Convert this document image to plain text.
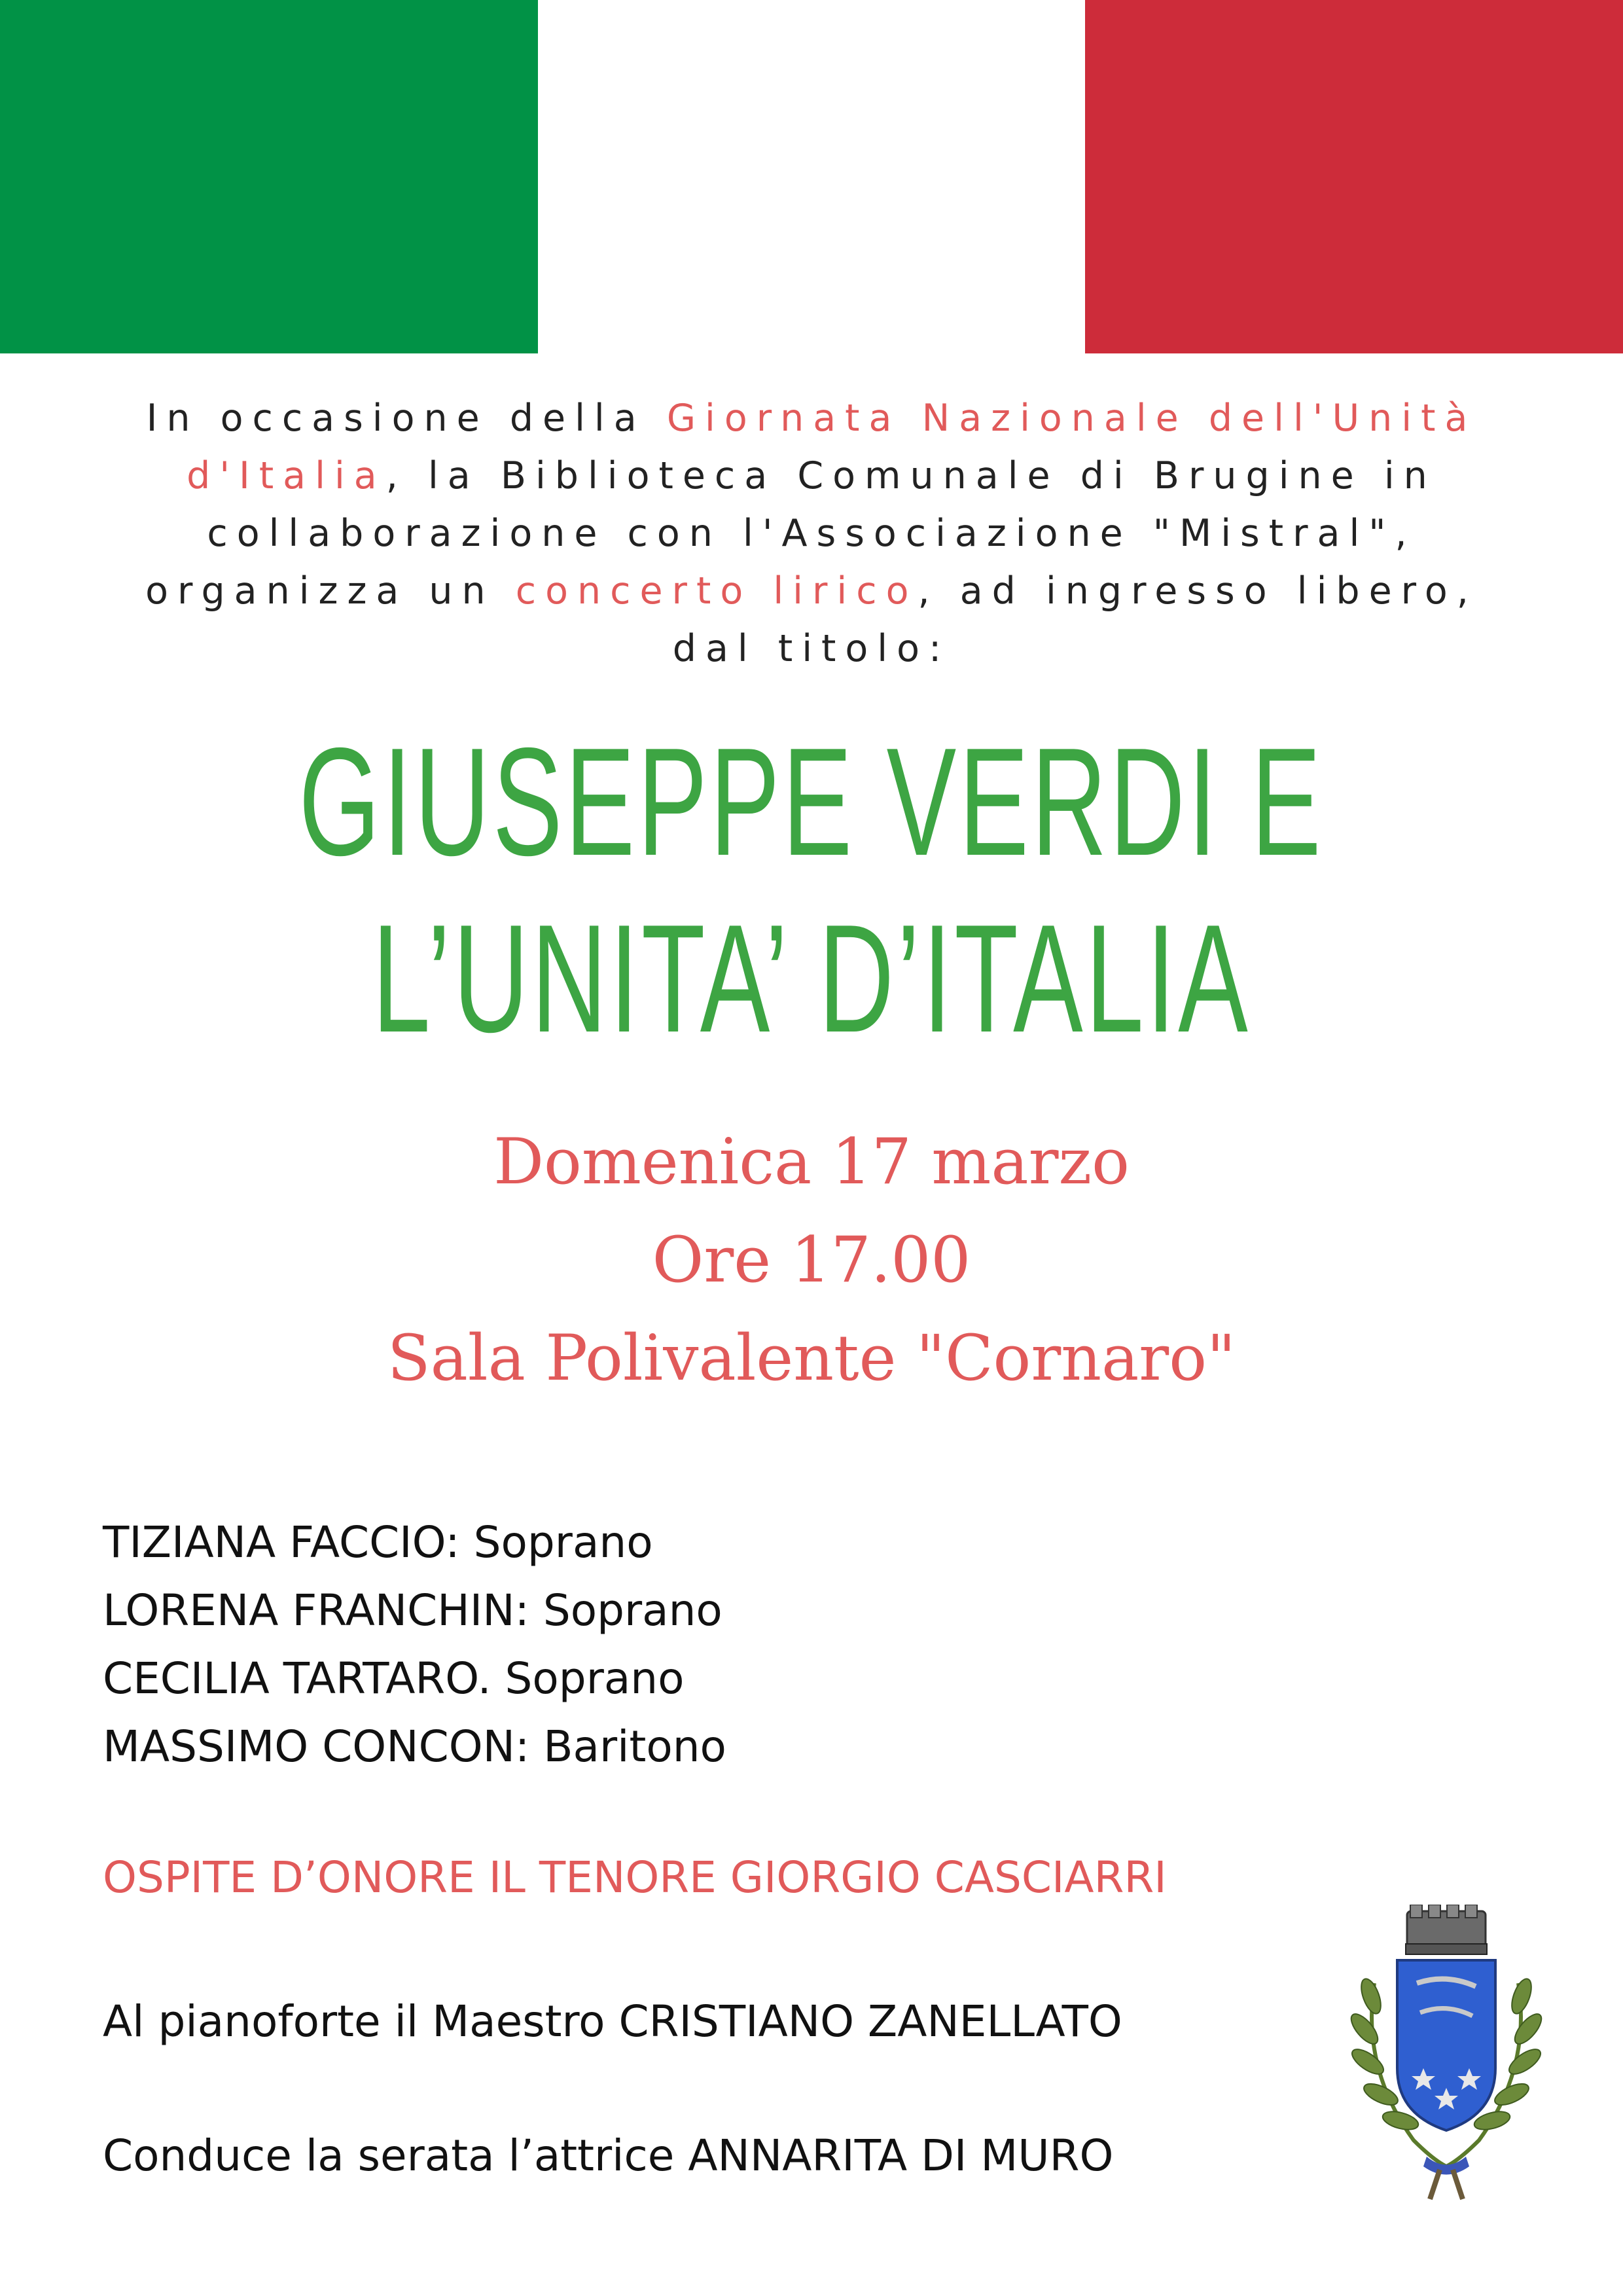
In occasione della Giornata Nazionale dell'Unità d'Italia, la Biblioteca Comunale di Brugine in collaborazione con l'Associazione "Mistral", organizza un concerto lirico, ad ingresso libero, dal titolo:
GIUSEPPE VERDI E
L’UNITA’ D’ITALIA
Domenica 17 marzo
Ore 17.00
Sala Polivalente "Cornaro"
TIZIANA FACCIO: Soprano
LORENA FRANCHIN: Soprano
CECILIA TARTARO. Soprano
MASSIMO CONCON: Baritono
OSPITE D’ONORE IL TENORE GIORGIO CASCIARRI
Al pianoforte il Maestro CRISTIANO ZANELLATO
Conduce la serata l’attrice ANNARITA DI MURO
